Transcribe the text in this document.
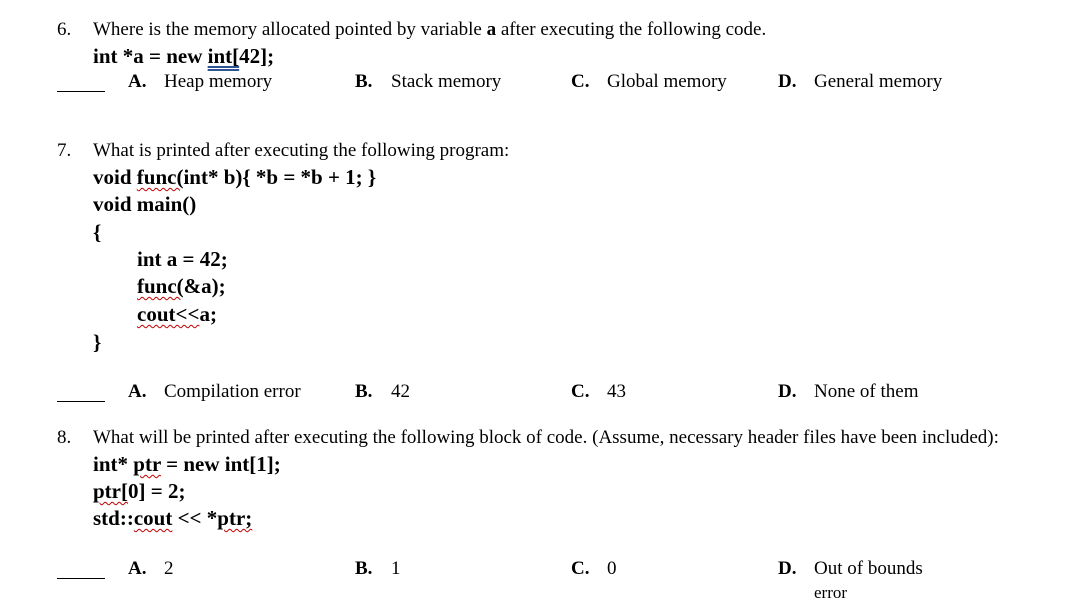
6. Where is the memory allocated pointed by variable a after executing the following code.
int *a = new int[42];
A. Heap memory	B. Stack memory	C. Global memory	D. General memory
7. What is printed after executing the following program:
void func(int* b){ *b = *b + 1; }
void main()
{
int a = 42;
func(&a);
cout<<a;
}
A. Compilation error	B. 42	C. 43	D. None of them
8. What will be printed after executing the following block of code. (Assume, necessary header files have been included):
int* ptr = new int[1];
ptr[0] = 2;
std::cout << *ptr;
A. 2	B. 1	C. 0	D. Out of bounds
error
